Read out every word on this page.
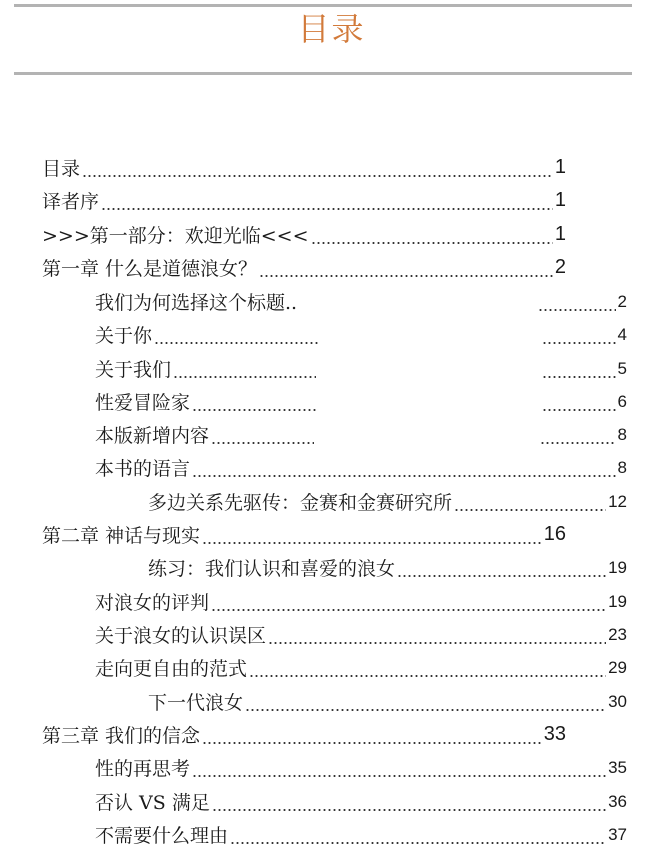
目录
目录	1
译者序	1
>>>第一部分：欢迎光临<<<	1
第一章 什么是道德浪女？	2
我们为何选择这个标题..	2
关于你	4
关于我们	5
性爱冒险家	6
本版新增内容	8
本书的语言	8
多边关系先驱传：金赛和金赛研究所	12
第二章 神话与现实	16
练习：我们认识和喜爱的浪女	19
对浪女的评判	19
关于浪女的认识误区	23
走向更自由的范式	29
下一代浪女	30
第三章 我们的信念	33
性的再思考	35
否认 VS 满足	36
不需要什么理由	37
